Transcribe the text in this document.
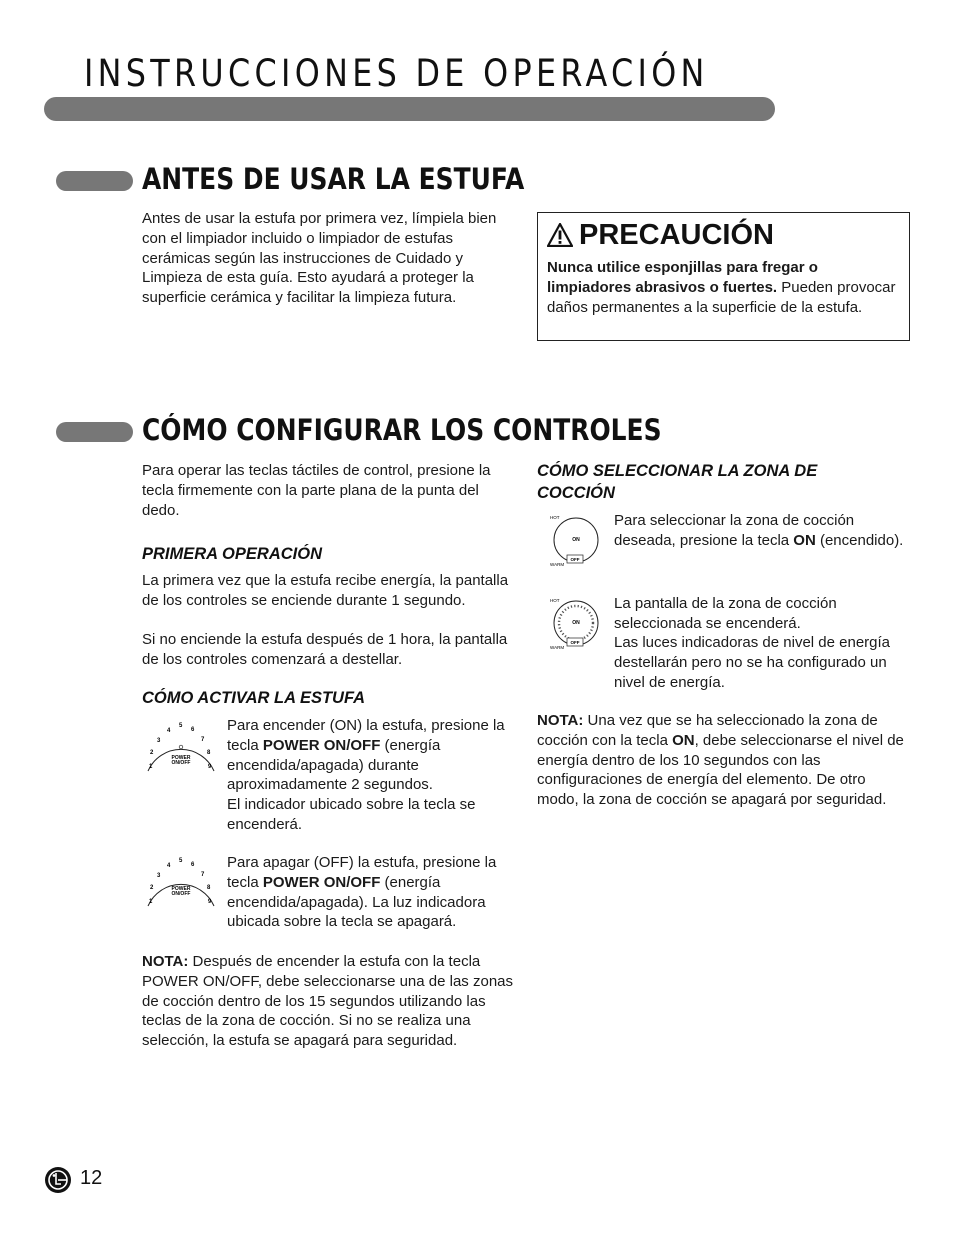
INSTRUCCIONES DE OPERACIÓN
ANTES DE USAR LA ESTUFA

Antes de usar la estufa por primera vez, límpiela bien con el limpiador incluido o limpiador de estufas cerámicas según las instrucciones de Cuidado y Limpieza de esta guía. Esto ayudará a proteger la superficie cerámica y facilitar la limpieza futura.

PRECAUCIÓN

Nunca utilice esponjillas para fregar o limpiadores abrasivos o fuertes. Pueden provocar daños permanentes a la superficie de la estufa.

CÓMO CONFIGURAR LOS CONTROLES

Para operar las teclas táctiles de control, presione la tecla firmemente con la parte plana de la punta del dedo.

PRIMERA OPERACIÓN

La primera vez que la estufa recibe energía, la pantalla de los controles se enciende durante 1 segundo.

Si no enciende la estufa después de 1 hora, la pantalla de los controles comenzará a destellar.

CÓMO ACTIVAR LA ESTUFA
POWER
ON/OFF
1
2
3
4
5
6
7
8
9

Para encender (ON) la estufa, presione la tecla POWER ON/OFF (energía encendida/apagada) durante aproximadamente 2 segundos.

El indicador ubicado sobre la tecla se encenderá.

POWER
ON/OFF
1
2
3
4
5
6
7
8
9

Para apagar (OFF) la estufa, presione la tecla POWER ON/OFF (energía encendida/apagada). La luz indicadora ubicada sobre la tecla se apagará.

NOTA: Después de encender la estufa con la tecla POWER ON/OFF, debe seleccionarse una de las zonas de cocción dentro de los 15 segundos utilizando las teclas de la zona de cocción. Si no se realiza una selección, la estufa se apagará para seguridad.

CÓMO SELECCIONAR LA ZONA DE
COCCIÓN
HOT
ON
WARM
OFF

Para seleccionar la zona de cocción deseada, presione la tecla ON (encendido).

HOT
ON
WARM
OFF

La pantalla de la zona de cocción seleccionada se encenderá.

Las luces indicadoras de nivel de energía destellarán pero no se ha configurado un nivel de energía.

NOTA: Una vez que se ha seleccionado la zona de cocción con la tecla ON, debe seleccionarse el nivel de energía dentro de los 10 segundos con las configuraciones de energía del elemento. De otro modo, la zona de cocción se apagará por seguridad.

12
